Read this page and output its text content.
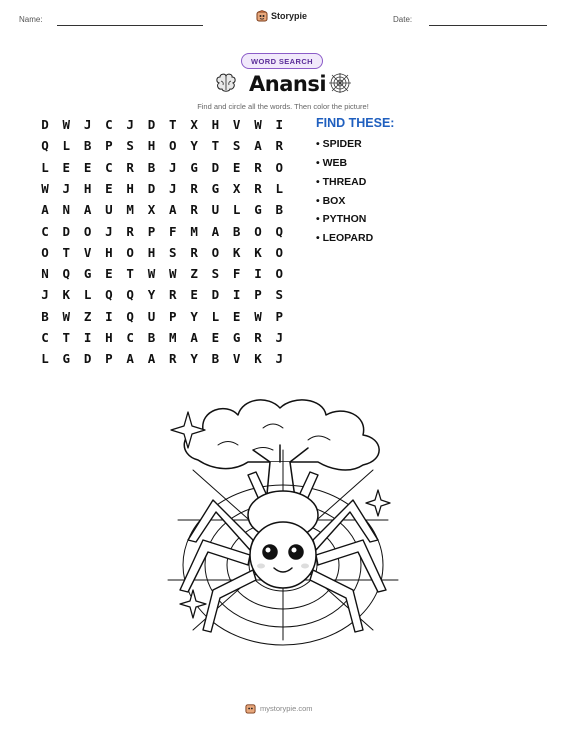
Name:	Storypie	Date:
WORD SEARCH
Anansi
Find and circle all the words. Then color the picture!
D	W	J	C	J	D	T	X	H	V	W	I
Q	L	B	P	S	H	O	Y	T	S	A	R
L	E	E	C	R	B	J	G	D	E	R	O
W	J	H	E	H	D	J	R	G	X	R	L
A	N	A	U	M	X	A	R	U	L	G	B
C	D	O	J	R	P	F	M	A	B	O	Q
O	T	V	H	O	H	S	R	O	K	K	O
N	Q	G	E	T	W	W	Z	S	F	I	O
J	K	L	Q	Q	Y	R	E	D	I	P	S
B	W	Z	I	Q	U	P	Y	L	E	W	P
C	T	I	H	C	B	M	A	E	G	R	J
L	G	D	P	A	A	R	Y	B	V	K	J
FIND THESE:
• SPIDER
• WEB
• THREAD
• BOX
• PYTHON
• LEOPARD
mystorypie.com
